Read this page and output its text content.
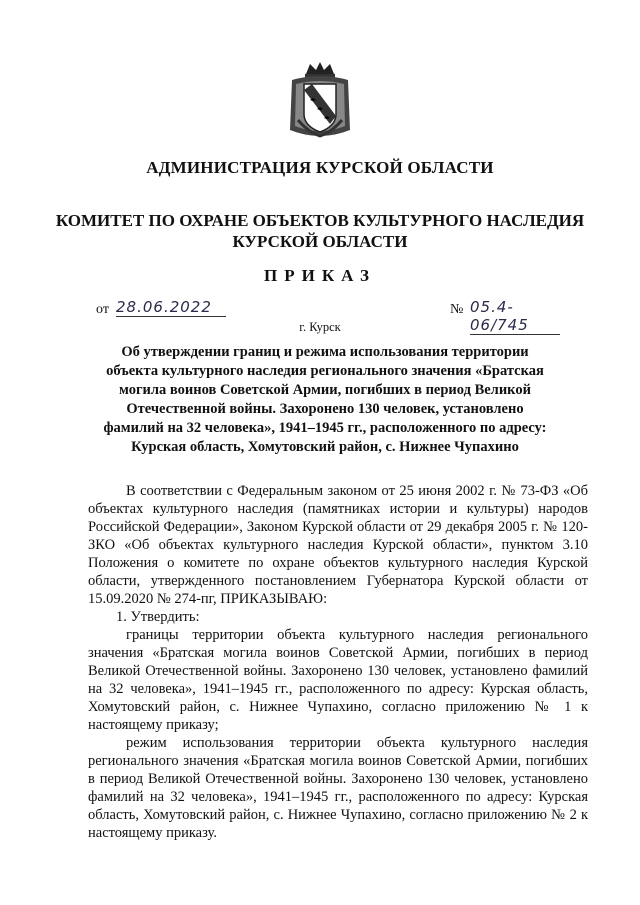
АДМИНИСТРАЦИЯ КУРСКОЙ ОБЛАСТИ
КОМИТЕТ ПО ОХРАНЕ ОБЪЕКТОВ КУЛЬТУРНОГО НАСЛЕДИЯ
КУРСКОЙ ОБЛАСТИ
ПРИКАЗ
от 28.06.2022	№ 05.4-06/745
г. Курск
Об утверждении границ и режима использования территории объекта культурного наследия регионального значения «Братская могила воинов Советской Армии, погибших в период Великой Отечественной войны. Захоронено 130 человек, установлено фамилий на 32 человека», 1941–1945 гг., расположенного по адресу: Курская область, Хомутовский район, с. Нижнее Чупахино

В соответствии с Федеральным законом от 25 июня 2002 г. № 73-ФЗ «Об объектах культурного наследия (памятниках истории и культуры) народов Российской Федерации», Законом Курской области от 29 декабря 2005 г. № 120-ЗКО «Об объектах культурного наследия Курской области», пунктом 3.10 Положения о комитете по охране объектов культурного наследия Курской области, утвержденного постановлением Губернатора Курской области от 15.09.2020 № 274-пг, ПРИКАЗЫВАЮ:

1. Утвердить:

границы территории объекта культурного наследия регионального значения «Братская могила воинов Советской Армии, погибших в период Великой Отечественной войны. Захоронено 130 человек, установлено фамилий на 32 человека», 1941–1945 гг., расположенного по адресу: Курская область, Хомутовский район, с. Нижнее Чупахино, согласно приложению № 1 к настоящему приказу;

режим использования территории объекта культурного наследия регионального значения «Братская могила воинов Советской Армии, погибших в период Великой Отечественной войны. Захоронено 130 человек, установлено фамилий на 32 человека», 1941–1945 гг., расположенного по адресу: Курская область, Хомутовский район, с. Нижнее Чупахино, согласно приложению № 2 к настоящему приказу.
